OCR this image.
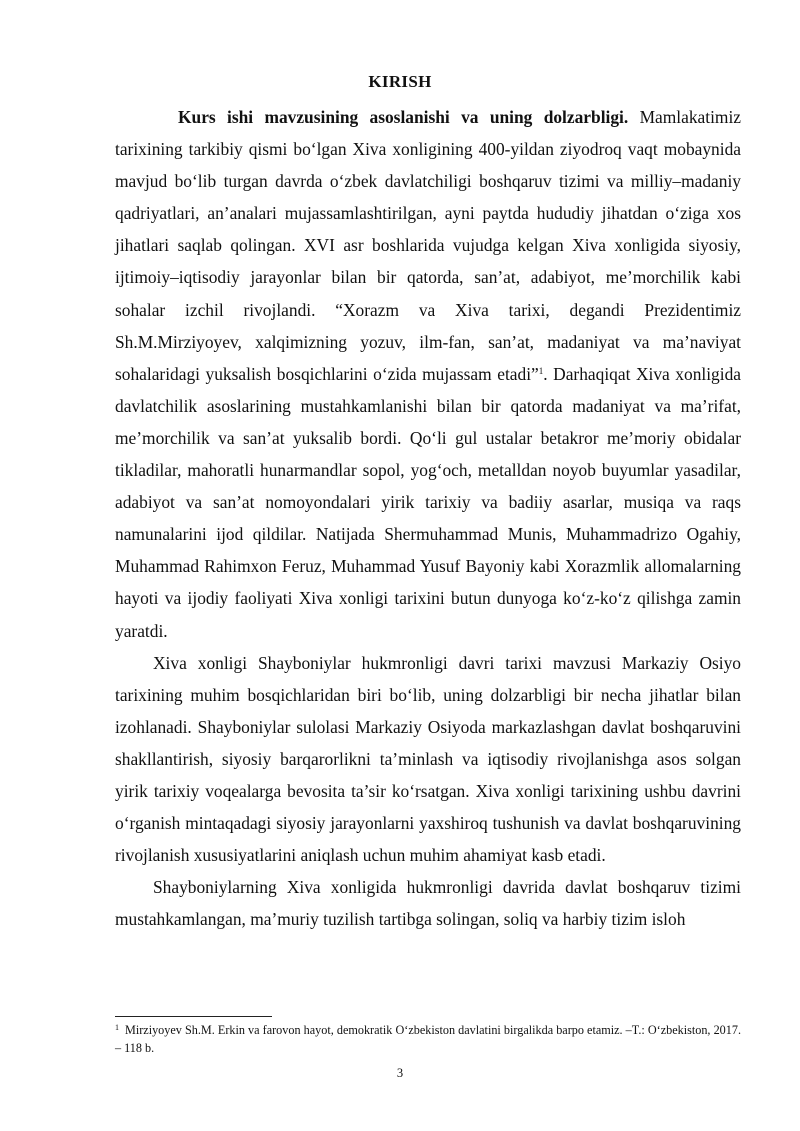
KIRISH

Kurs ishi mavzusining asoslanishi va uning dolzarbligi. Mamlakatimiz tarixining tarkibiy qismi bo‘lgan Xiva xonligining 400-yildan ziyodroq vaqt mobaynida mavjud bo‘lib turgan davrda o‘zbek davlatchiligi boshqaruv tizimi va milliy–madaniy qadriyatlari, an’analari mujassamlashtirilgan, ayni paytda hududiy jihatdan o‘ziga xos jihatlari saqlab qolingan. XVI asr boshlarida vujudga kelgan Xiva xonligida siyosiy, ijtimoiy–iqtisodiy jarayonlar bilan bir qatorda, san’at, adabiyot, me’morchilik kabi sohalar izchil rivojlandi. “Xorazm va Xiva tarixi, degandi Prezidentimiz Sh.M.Mirziyoyev, xalqimizning yozuv, ilm-fan, san’at, madaniyat va ma’naviyat sohalaridagi yuksalish bosqichlarini o‘zida mujassam etadi”$^1$. Darhaqiqat Xiva xonligida davlatchilik asoslarining mustahkamlanishi bilan bir qatorda madaniyat va ma’rifat, me’morchilik va san’at yuksalib bordi. Qo‘li gul ustalar betakror me’moriy obidalar tikladilar, mahoratli hunarmandlar sopol, yog‘och, metalldan noyob buyumlar yasadilar, adabiyot va san’at nomoyondalari yirik tarixiy va badiiy asarlar, musiqa va raqs namunalarini ijod qildilar. Natijada Shermuhammad Munis, Muhammadrizo Ogahiy, Muhammad Rahimxon Feruz, Muhammad Yusuf Bayoniy kabi Xorazmlik allomalarning hayoti va ijodiy faoliyati Xiva xonligi tarixini butun dunyoga ko‘z-ko‘z qilishga zamin yaratdi.

Xiva xonligi Shayboniylar hukmronligi davri tarixi mavzusi Markaziy Osiyo tarixining muhim bosqichlaridan biri bo‘lib, uning dolzarbligi bir necha jihatlar bilan izohlanadi. Shayboniylar sulolasi Markaziy Osiyoda markazlashgan davlat boshqaruvini shakllantirish, siyosiy barqarorlikni ta’minlash va iqtisodiy rivojlanishga asos solgan yirik tarixiy voqealarga bevosita ta’sir ko‘rsatgan. Xiva xonligi tarixining ushbu davrini o‘rganish mintaqadagi siyosiy jarayonlarni yaxshiroq tushunish va davlat boshqaruvining rivojlanish xususiyatlarini aniqlash uchun muhim ahamiyat kasb etadi.

Shayboniylarning Xiva xonligida hukmronligi davrida davlat boshqaruv tizimi mustahkamlangan, ma’muriy tuzilish tartibga solingan, soliq va harbiy tizim isloh

$^1$ Mirziyoyev Sh.M. Erkin va farovon hayot, demokratik O‘zbekiston davlatini birgalikda barpo etamiz. –T.: O‘zbekiston, 2017. – 118 b.
3
